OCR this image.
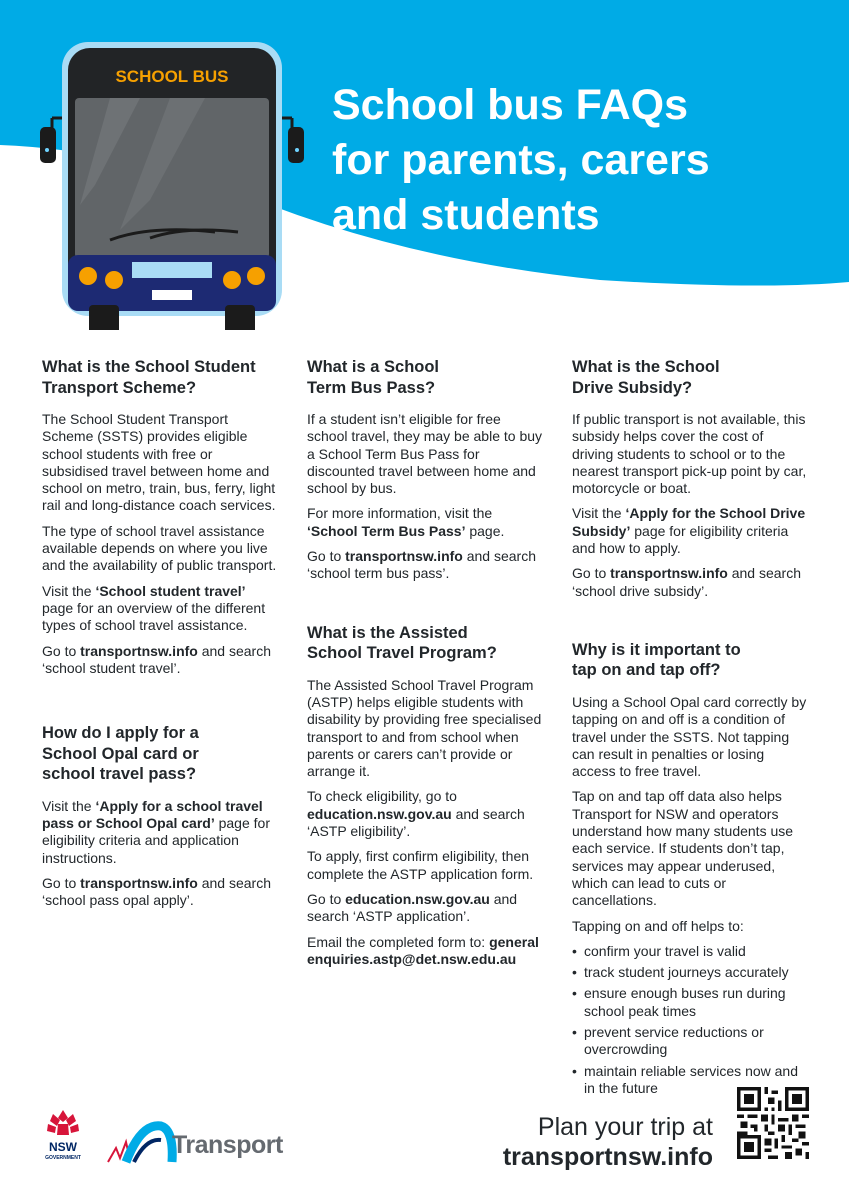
SCHOOL BUS
School bus FAQs
for parents, carers
and students
What is the School Student
Transport Scheme?

The School Student Transport Scheme (SSTS) provides eligible school students with free or subsidised travel between home and school on metro, train, bus, ferry, light rail and long-distance coach services.

The type of school travel assistance available depends on where you live and the availability of public transport.

Visit the ‘School student travel’ page for an overview of the different types of school travel assistance.

Go to transportnsw.info and search ‘school student travel’.

How do I apply for a
School Opal card or
school travel pass?

Visit the ‘Apply for a school travel pass or School Opal card’ page for eligibility criteria and application instructions.

Go to transportnsw.info and search ‘school pass opal apply’.

What is a School
Term Bus Pass?

If a student isn’t eligible for free school travel, they may be able to buy a School Term Bus Pass for discounted travel between home and school by bus.

For more information, visit the ‘School Term Bus Pass’ page.

Go to transportnsw.info and search ‘school term bus pass’.

What is the Assisted
School Travel Program?

The Assisted School Travel Program (ASTP) helps eligible students with disability by providing free specialised transport to and from school when parents or carers can’t provide or arrange it.

To check eligibility, go to education.nsw.gov.au and search ‘ASTP eligibility’.

To apply, first confirm eligibility, then complete the ASTP application form.

Go to education.nsw.gov.au and search ‘ASTP application’.

Email the completed form to: generalenquiries.astp@det.nsw.edu.au

What is the School
Drive Subsidy?

If public transport is not available, this subsidy helps cover the cost of driving students to school or to the nearest transport pick-up point by car, motorcycle or boat.

Visit the ‘Apply for the School Drive Subsidy’ page for eligibility criteria and how to apply.

Go to transportnsw.info and search ‘school drive subsidy’.

Why is it important to
tap on and tap off?

Using a School Opal card correctly by tapping on and off is a condition of travel under the SSTS. Not tapping can result in penalties or losing access to free travel.

Tap on and tap off data also helps Transport for NSW and operators understand how many students use each service. If students don’t tap, services may appear underused, which can lead to cuts or cancellations.

Tapping on and off helps to:

• confirm your travel is valid
• track student journeys accurately
• ensure enough buses run during school peak times
• prevent service reductions or overcrowding
• maintain reliable services now and in the future
NSW
GOVERNMENT	Transport
Plan your trip at
transportnsw.info
